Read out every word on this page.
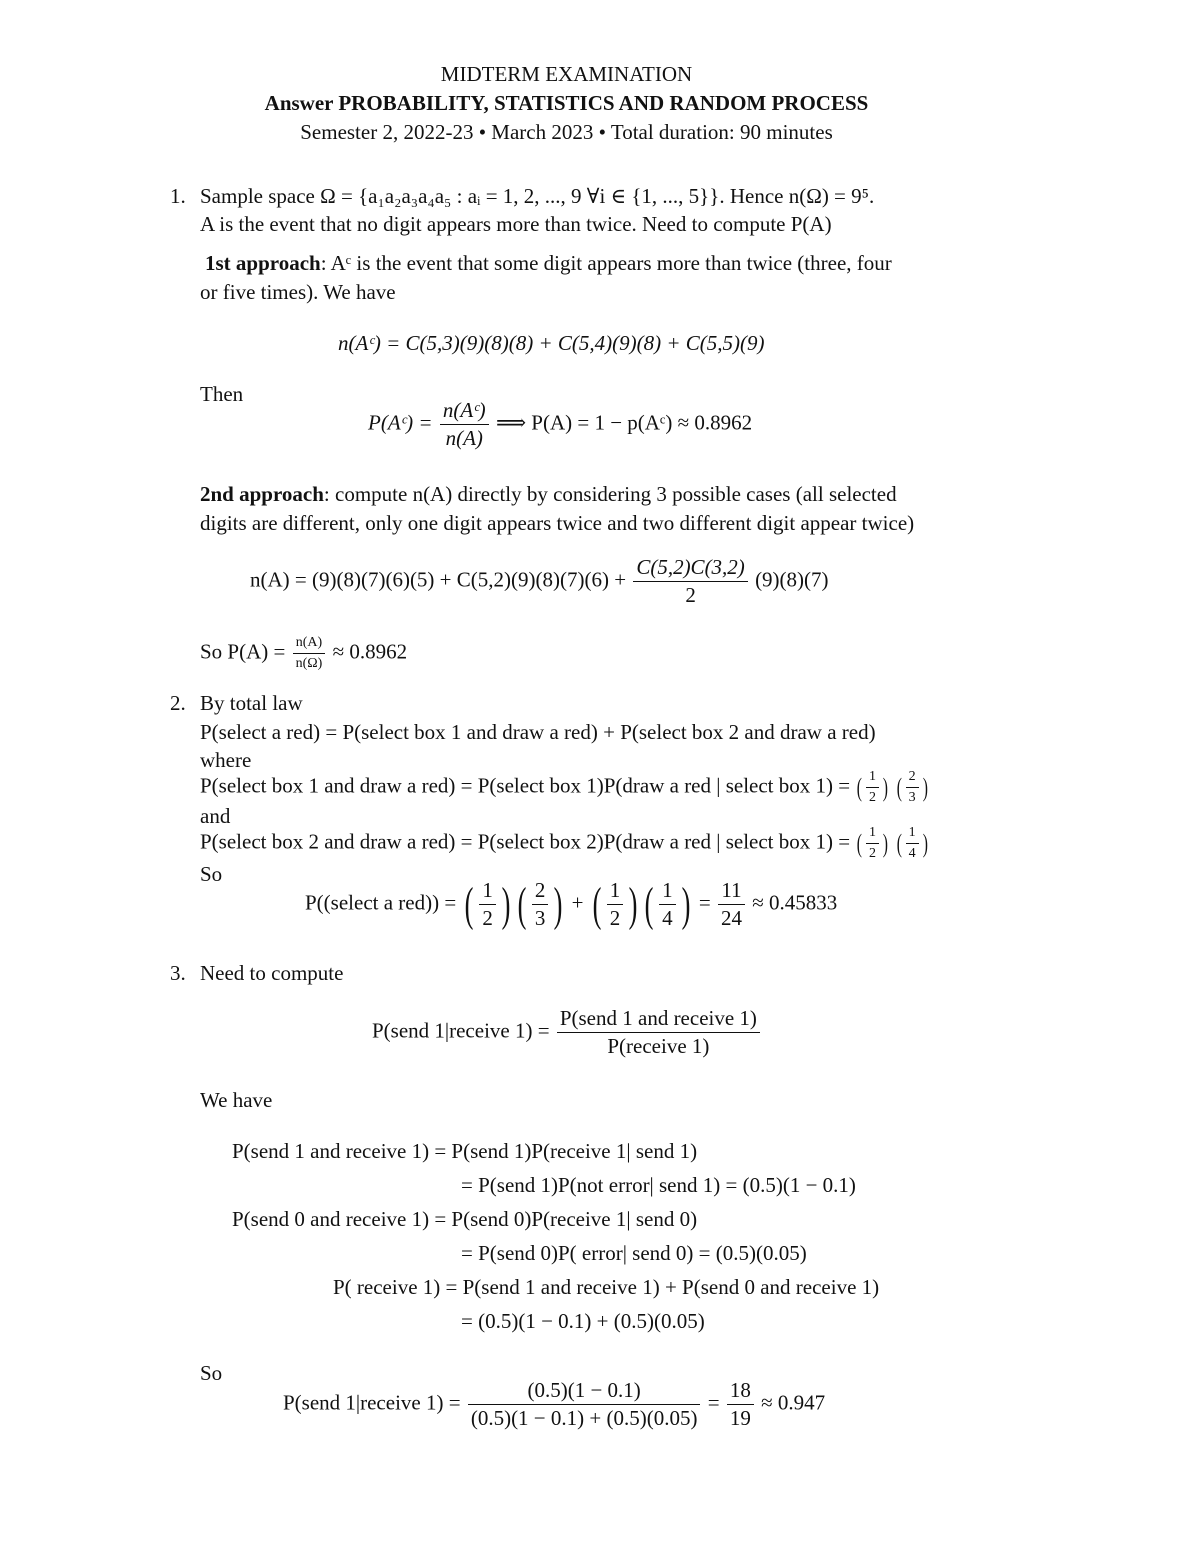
MIDTERM EXAMINATION
Answer PROBABILITY, STATISTICS AND RANDOM PROCESS
Semester 2, 2022-23 • March 2023 • Total duration: 90 minutes
1. Sample space Ω = {a₁a₂a₃a₄a₅ : aᵢ = 1, 2, ..., 9 ∀i ∈ {1, ..., 5}}. Hence n(Ω) = 9⁵.
A is the event that no digit appears more than twice. Need to compute P(A)
1st approach: Aᶜ is the event that some digit appears more than twice (three, four
or five times). We have
n(Aᶜ) = C(5,3)(9)(8)(8) + C(5,4)(9)(8) + C(5,5)(9)
Then
P(Aᶜ) = $\frac{\text{n(Aᶜ)}}{n(A)}$ ⟹ P(A) = 1 − p(Aᶜ) ≈ 0.8962
2nd approach: compute n(A) directly by considering 3 possible cases (all selected
digits are different, only one digit appears twice and two different digit appear twice)
$n(A) = (9)(8)(7)(6)(5) + C(5,2)(9)(8)(7)(6) + \frac{C(5,2)C(3,2)}{2} (9)(8)(7)$
So $P(A) = \frac{n(A)}{n(\Omega)} \approx 0.8962$
2. By total law
P(select a red) = P(select box 1 and draw a red) + P(select box 2 and draw a red)
where
P(select box 1 and draw a red) = P(select box 1)P(draw a red | select box 1) = ( $\frac{1}{2}$ ) ( $\frac{2}{3}$ )
and
P(select box 2 and draw a red) = P(select box 2)P(draw a red | select box 1) = ( $\frac{1}{2}$ ) ( $\frac{1}{4}$ )
So
P((select a red)) = ( $\frac{1}{2}$ ) ( $\frac{2}{3}$ ) + ( $\frac{1}{2}$ ) ( $\frac{1}{4}$ ) = $\frac{11}{24} \approx 0.45833$
3. Need to compute
P(send 1|receive $1) = \frac{\text{P(send 1 and receive 1)}}{\text{P(receive 1)}}$
We have
P(send 1 and receive 1) = P(send 1)P(receive 1| send 1)
= P(send 1)P(not error| send 1) = (0.5)(1 − 0.1)
P(send 0 and receive 1) = P(send 0)P(receive 1| send 0)
= P(send 0)P( error| send 0) = (0.5)(0.05)
P( receive 1) = P(send 1 and receive 1) + P(send 0 and receive 1)
= (0.5)(1 − 0.1) + (0.5)(0.05)
So
P(send 1|receive $1) = \frac{(0.5)(1 - 0.1)}{(0.5)(1 - 0.1) + (0.5)(0.05)} = \frac{18}{19} \approx 0.947$
